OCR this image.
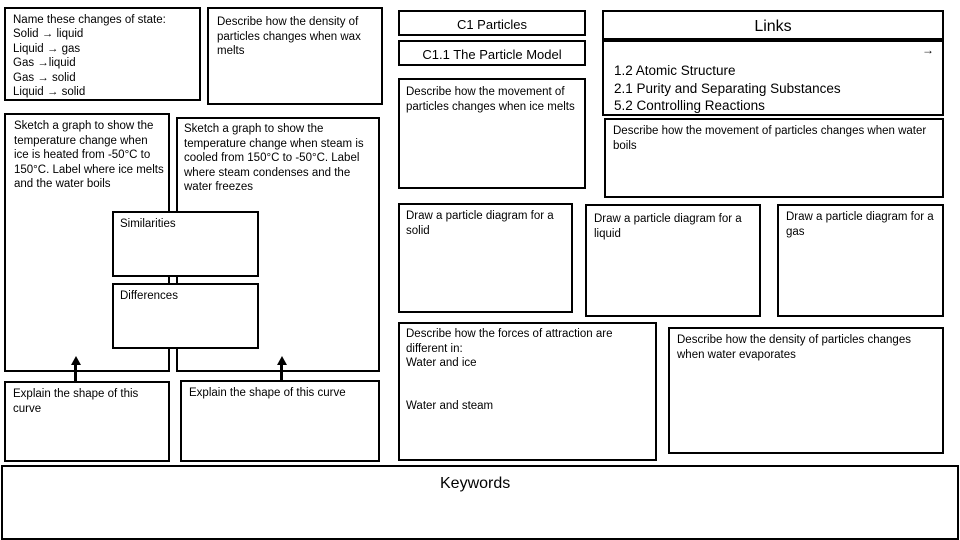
Name these changes of state:
Solid → liquid
Liquid → gas
Gas →liquid
Gas → solid
Liquid → solid
Describe how the density of particles changes when wax melts
Sketch a graph to show the temperature change when ice is heated from -50°C to 150°C. Label where ice melts and the water boils
Sketch a graph to show the temperature change when steam is cooled from 150°C to -50°C. Label where steam condenses and the water freezes
Similarities
Differences
Explain the shape of this curve
Explain the shape of this curve
C1 Particles
C1.1 The Particle Model
Describe how the movement of particles changes when ice melts
Draw a particle diagram for a solid
Links
→
1.2 Atomic Structure
2.1 Purity and Separating Substances
5.2 Controlling Reactions
Describe how the movement of particles changes when water boils
Draw a particle diagram for a liquid
Draw a particle diagram for a gas
Describe how the forces of attraction are different in:
Water and ice
Water and steam
Describe how the density of particles changes when water evaporates
Keywords
